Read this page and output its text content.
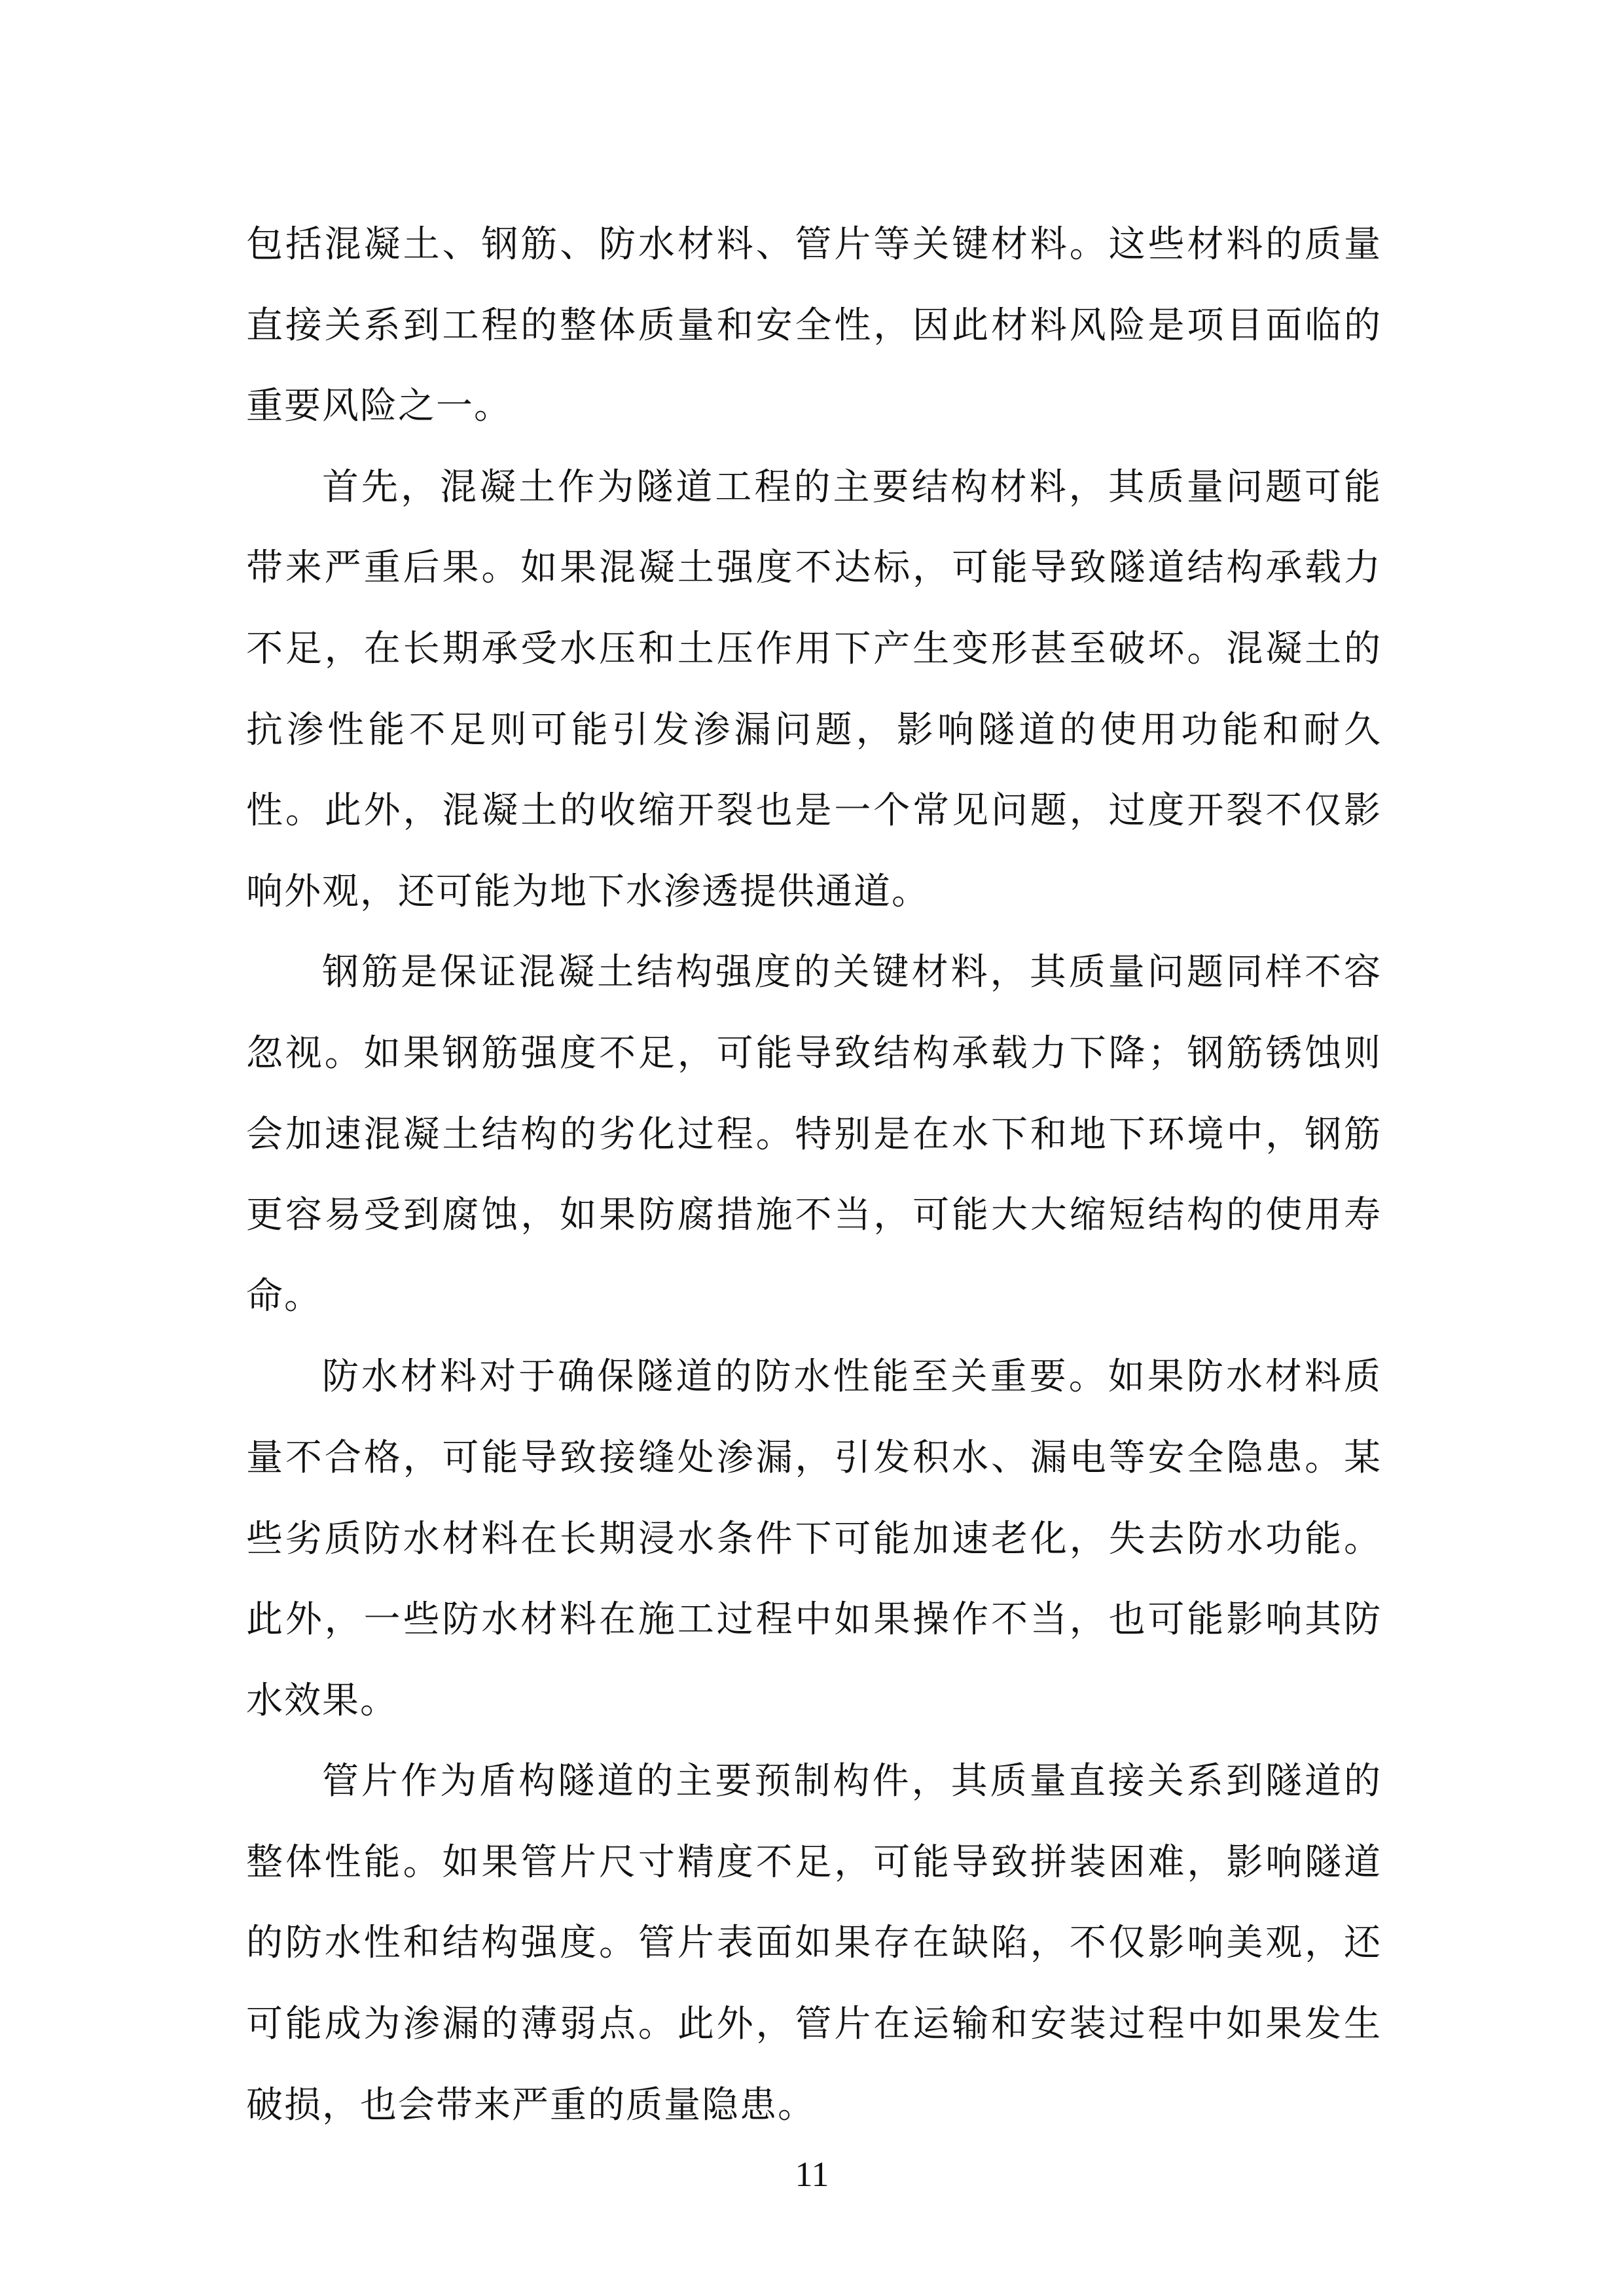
包括混凝土、钢筋、防水材料、管片等关键材料。这些材料的质量直接关系到工程的整体质量和安全性，因此材料风险是项目面临的重要风险之一。

首先，混凝土作为隧道工程的主要结构材料，其质量问题可能带来严重后果。如果混凝土强度不达标，可能导致隧道结构承载力不足，在长期承受水压和土压作用下产生变形甚至破坏。混凝土的抗渗性能不足则可能引发渗漏问题，影响隧道的使用功能和耐久性。此外，混凝土的收缩开裂也是一个常见问题，过度开裂不仅影响外观，还可能为地下水渗透提供通道。

钢筋是保证混凝土结构强度的关键材料，其质量问题同样不容忽视。如果钢筋强度不足，可能导致结构承载力下降；钢筋锈蚀则会加速混凝土结构的劣化过程。特别是在水下和地下环境中，钢筋更容易受到腐蚀，如果防腐措施不当，可能大大缩短结构的使用寿命。

防水材料对于确保隧道的防水性能至关重要。如果防水材料质量不合格，可能导致接缝处渗漏，引发积水、漏电等安全隐患。某些劣质防水材料在长期浸水条件下可能加速老化，失去防水功能。此外，一些防水材料在施工过程中如果操作不当，也可能影响其防水效果。

管片作为盾构隧道的主要预制构件，其质量直接关系到隧道的整体性能。如果管片尺寸精度不足，可能导致拼装困难，影响隧道的防水性和结构强度。管片表面如果存在缺陷，不仅影响美观，还可能成为渗漏的薄弱点。此外，管片在运输和安装过程中如果发生破损，也会带来严重的质量隐患。

11
